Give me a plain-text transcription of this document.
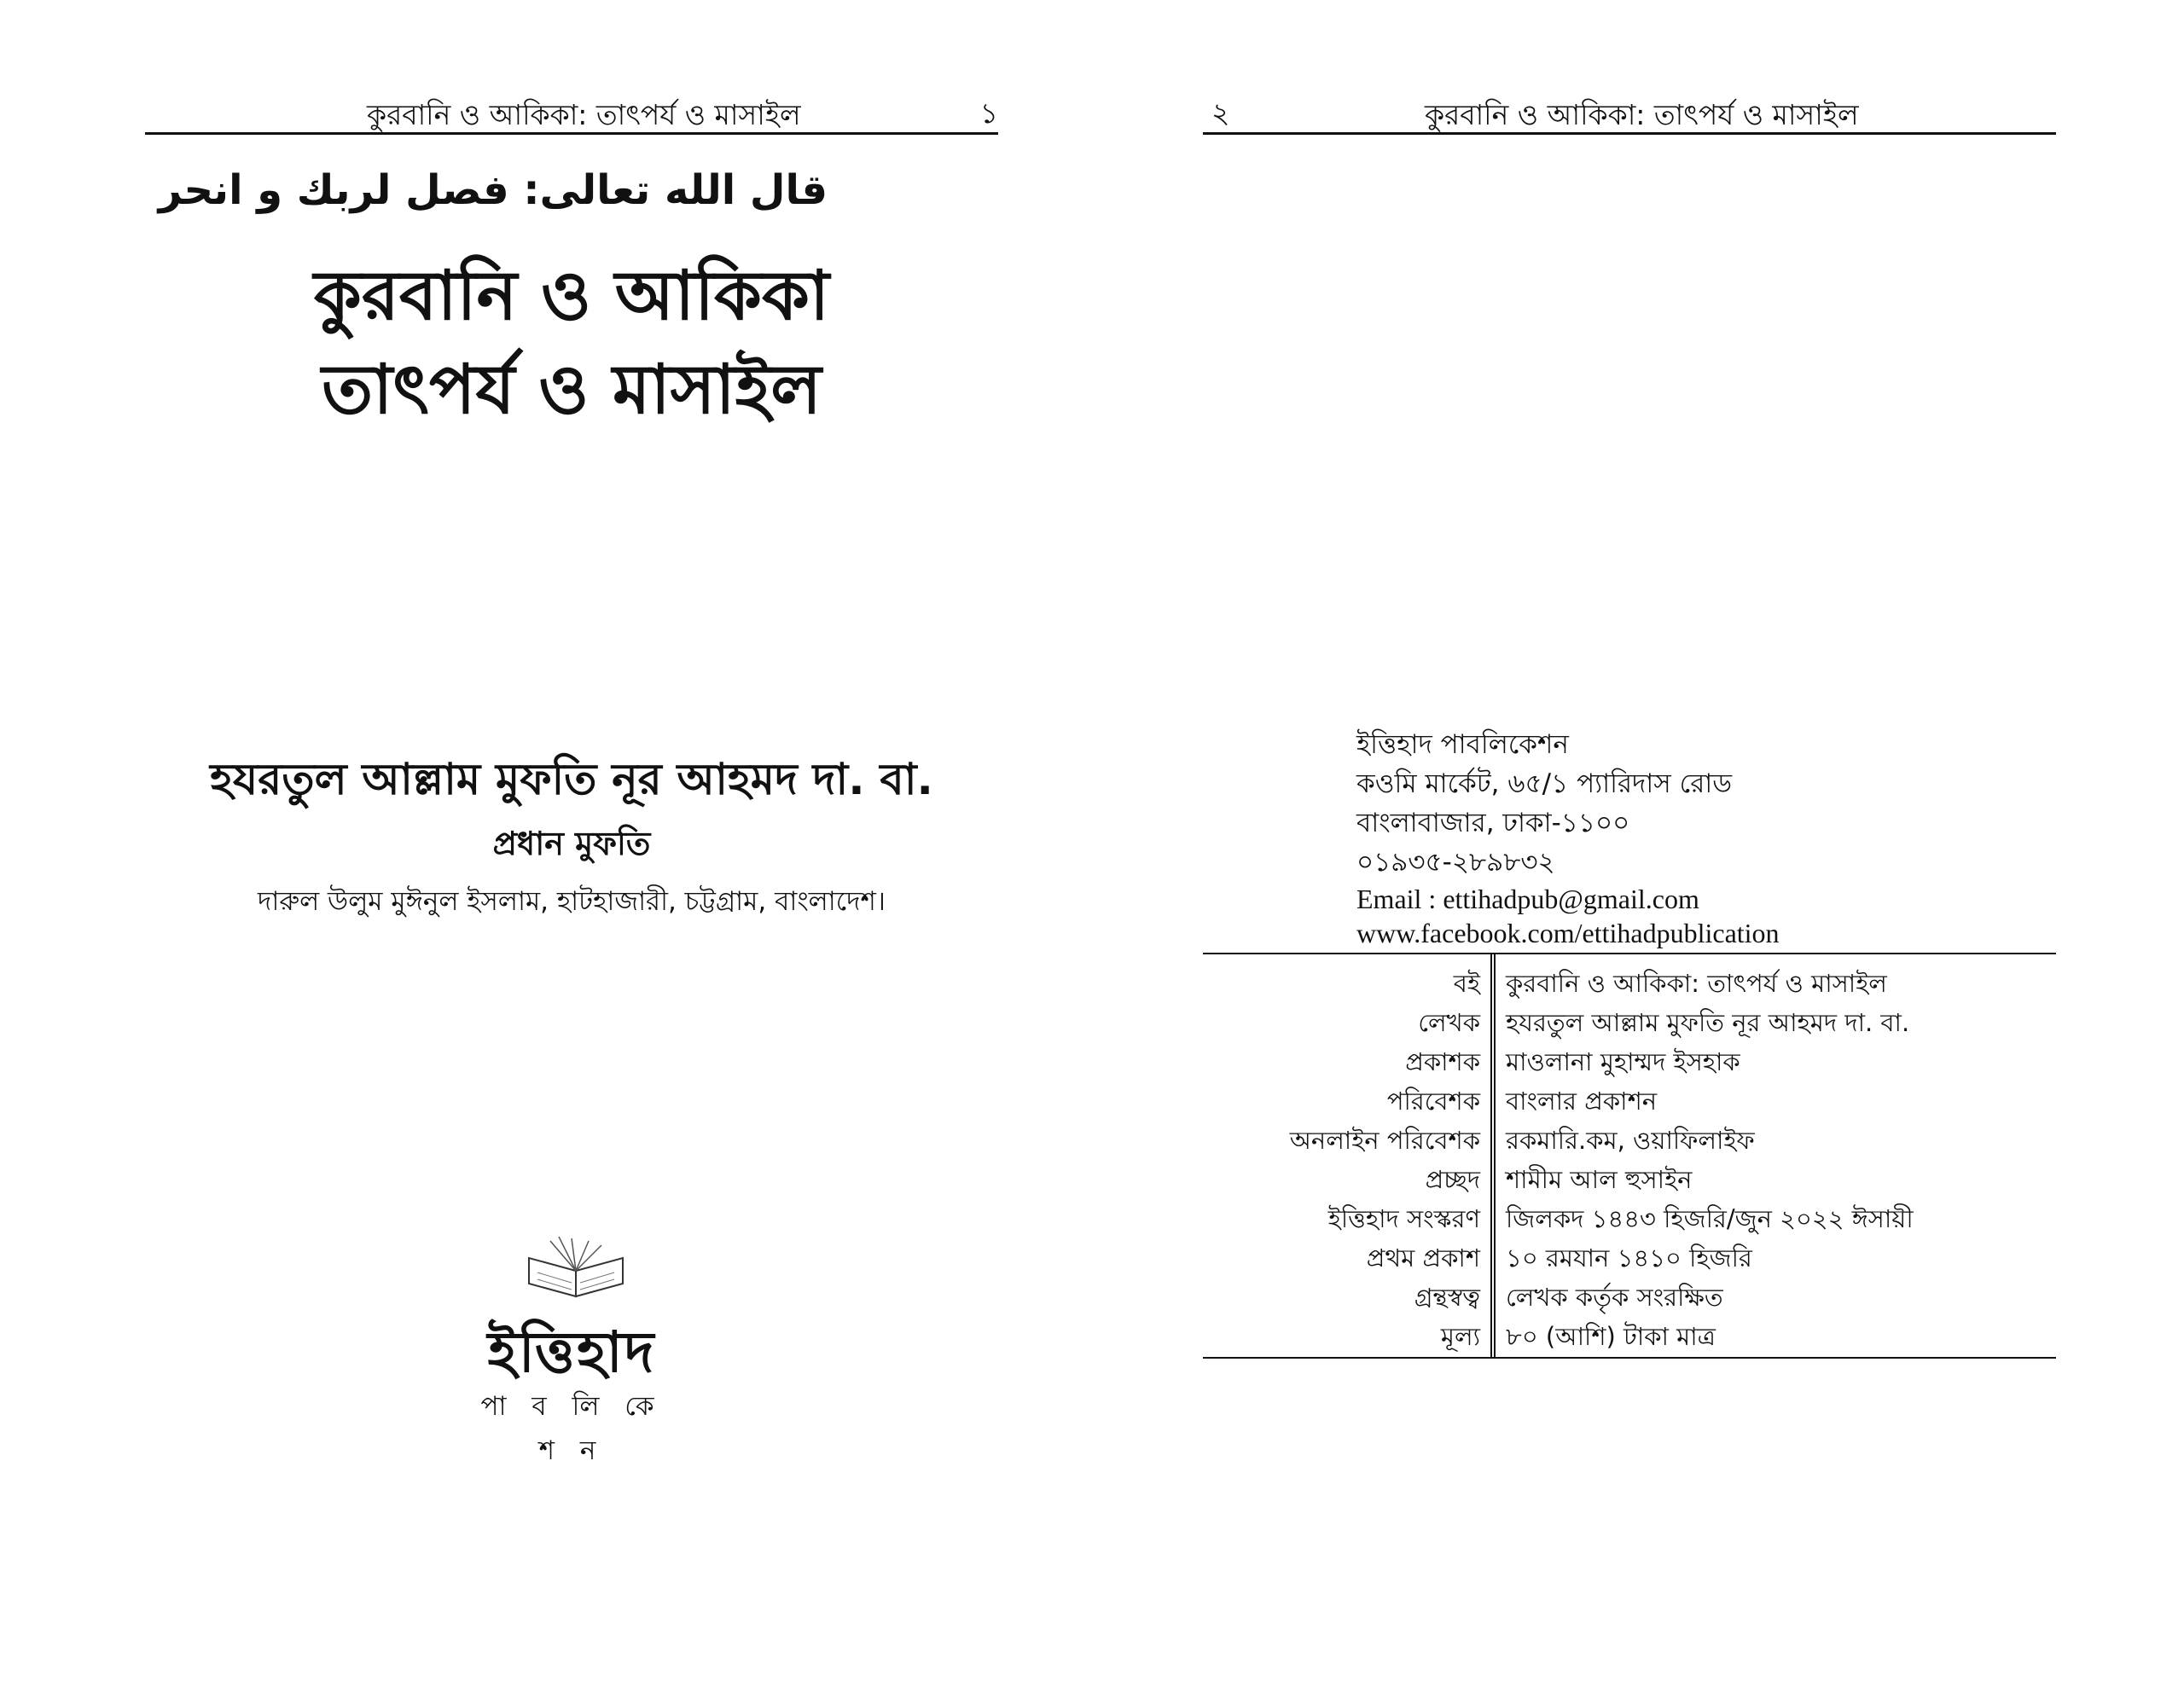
কুরবানি ও আকিকা: তাৎপর্য ও মাসাইল	১
قال الله تعالى: فصل لربك و انحر
কুরবানি ও আকিকা
তাৎপর্য ও মাসাইল
হযরতুল আল্লাম মুফতি নূর আহমদ দা. বা.
প্রধান মুফতি
দারুল উলুম মুঈনুল ইসলাম, হাটহাজারী, চট্টগ্রাম, বাংলাদেশ।
ইত্তিহাদ
পা ব লি কে শ ন
২	কুরবানি ও আকিকা: তাৎপর্য ও মাসাইল
ইত্তিহাদ পাবলিকেশন
কওমি মার্কেট, ৬৫/১ প্যারিদাস রোড
বাংলাবাজার, ঢাকা-১১০০
০১৯৩৫-২৮৯৮৩২
Email : ettihadpub@gmail.com
www.facebook.com/ettihadpublication
বই কুরবানি ও আকিকা: তাৎপর্য ও মাসাইল
লেখক হযরতুল আল্লাম মুফতি নূর আহমদ দা. বা.
প্রকাশক মাওলানা মুহাম্মদ ইসহাক
পরিবেশক বাংলার প্রকাশন
অনলাইন পরিবেশক রকমারি.কম, ওয়াফিলাইফ
প্রচ্ছদ শামীম আল হুসাইন
ইত্তিহাদ সংস্করণ জিলকদ ১৪৪৩ হিজরি/জুন ২০২২ ঈসায়ী
প্রথম প্রকাশ ১০ রমযান ১৪১০ হিজরি
গ্রন্থস্বত্ব লেখক কর্তৃক সংরক্ষিত
মূল্য ৮০ (আশি) টাকা মাত্র
